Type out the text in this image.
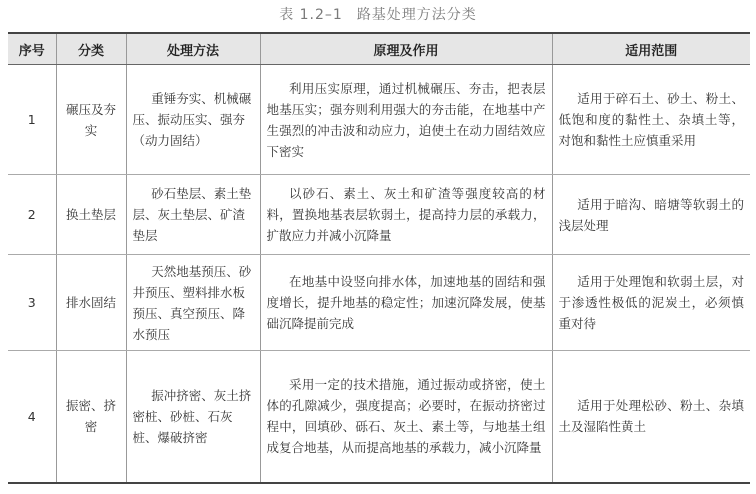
表 1.2–1 路基处理方法分类
序号	分类	处理方法	原理及作用	适用范围
1	碾压及夯实	重锤夯实、机械碾压、振动压实、强夯（动力固结）	利用压实原理，通过机械碾压、夯击，把表层地基压实；强夯则利用强大的夯击能，在地基中产生强烈的冲击波和动应力，迫使土在动力固结效应下密实	适用于碎石土、砂土、粉土、低饱和度的黏性土、杂填土等，对饱和黏性土应慎重采用
2	换土垫层	砂石垫层、素土垫层、灰土垫层、矿渣垫层	以砂石、素土、灰土和矿渣等强度较高的材料，置换地基表层软弱土，提高持力层的承载力，扩散应力并减小沉降量	适用于暗沟、暗塘等软弱土的浅层处理
3	排水固结	天然地基预压、砂井预压、塑料排水板预压、真空预压、降水预压	在地基中设竖向排水体，加速地基的固结和强度增长，提升地基的稳定性；加速沉降发展，使基础沉降提前完成	适用于处理饱和软弱土层，对于渗透性极低的泥炭土，必须慎重对待
4	振密、挤密	振冲挤密、灰土挤密桩、砂桩、石灰桩、爆破挤密	采用一定的技术措施，通过振动或挤密，使土体的孔隙减少，强度提高；必要时，在振动挤密过程中，回填砂、砾石、灰土、素土等，与地基土组成复合地基，从而提高地基的承载力，减小沉降量	适用于处理松砂、粉土、杂填土及湿陷性黄土
